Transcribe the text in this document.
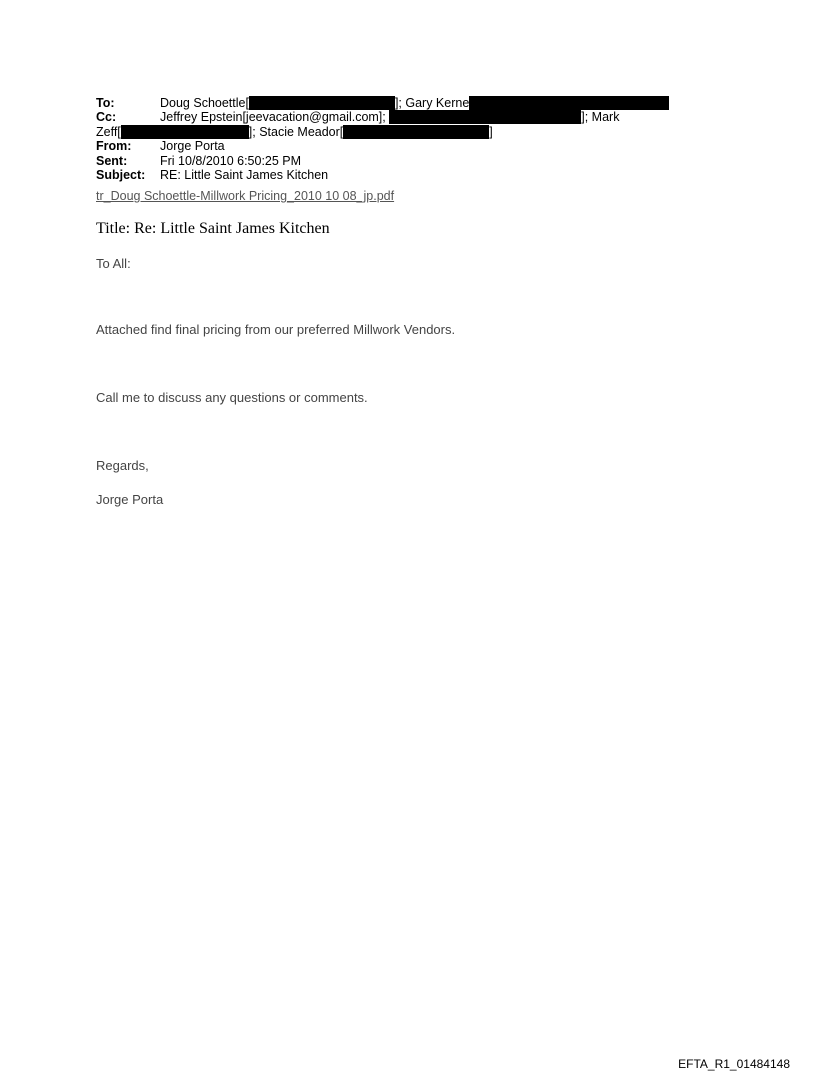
To:	Doug Schoettle[	]; Gary Kerne
Cc:	Jeffrey Epstein[jeevacation@gmail.com];	]; Mark
Zeff[	]; Stacie Meador[	]
From: Jorge Porta
Sent:	Fri 10/8/2010 6:50:25 PM
Subject: RE: Little Saint James Kitchen
tr_Doug Schoettle-Millwork Pricing_2010 10 08_jp.pdf
Title: Re: Little Saint James Kitchen
To All:
Attached find final pricing from our preferred Millwork Vendors.
Call me to discuss any questions or comments.
Regards,
Jorge Porta
EFTA_R1_01484148
